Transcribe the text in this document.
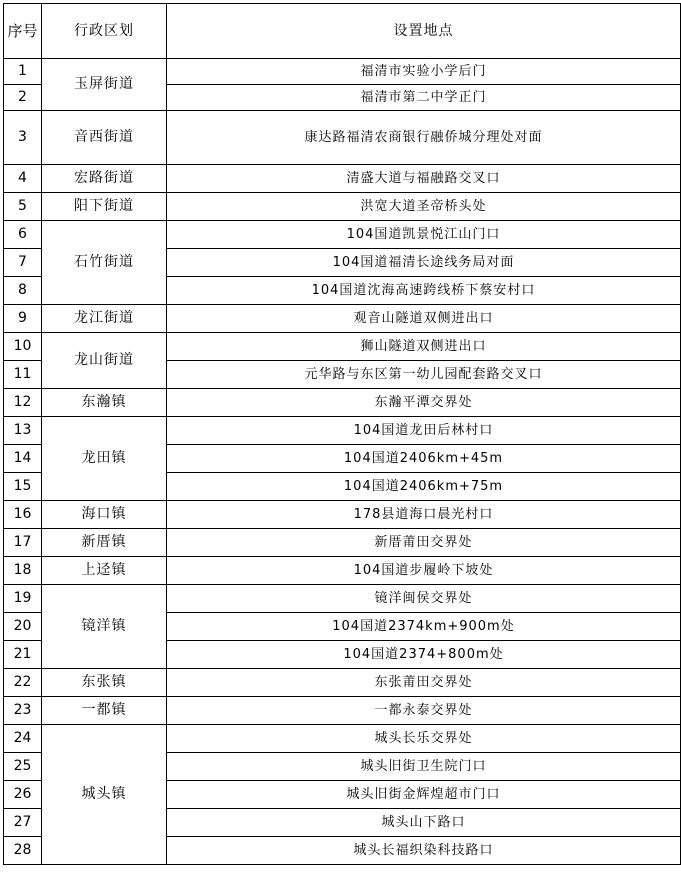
序号	行政区划	设置地点
1	玉屏街道	福清市实验小学后门
2		福清市第二中学正门
3	音西街道	康达路福清农商银行融侨城分理处对面
4	宏路街道	清盛大道与福融路交叉口
5	阳下街道	洪宽大道圣帝桥头处
6	石竹街道	104国道凯景悦江山门口
7		104国道福清长途线务局对面
8		104国道沈海高速跨线桥下蔡安村口
9	龙江街道	观音山隧道双侧进出口
10	龙山街道	狮山隧道双侧进出口
11		元华路与东区第一幼儿园配套路交叉口
12	东瀚镇	东瀚平潭交界处
13	龙田镇	104国道龙田后林村口
14		104国道2406km+45m
15		104国道2406km+75m
16	海口镇	178县道海口晨光村口
17	新厝镇	新厝莆田交界处
18	上迳镇	104国道步履岭下坡处
19	镜洋镇	镜洋闽侯交界处
20		104国道2374km+900m处
21		104国道2374+800m处
22	东张镇	东张莆田交界处
23	一都镇	一都永泰交界处
24	城头镇	城头长乐交界处
25		城头旧街卫生院门口
26		城头旧街金辉煌超市门口
27		城头山下路口
28		城头长福织染科技路口
